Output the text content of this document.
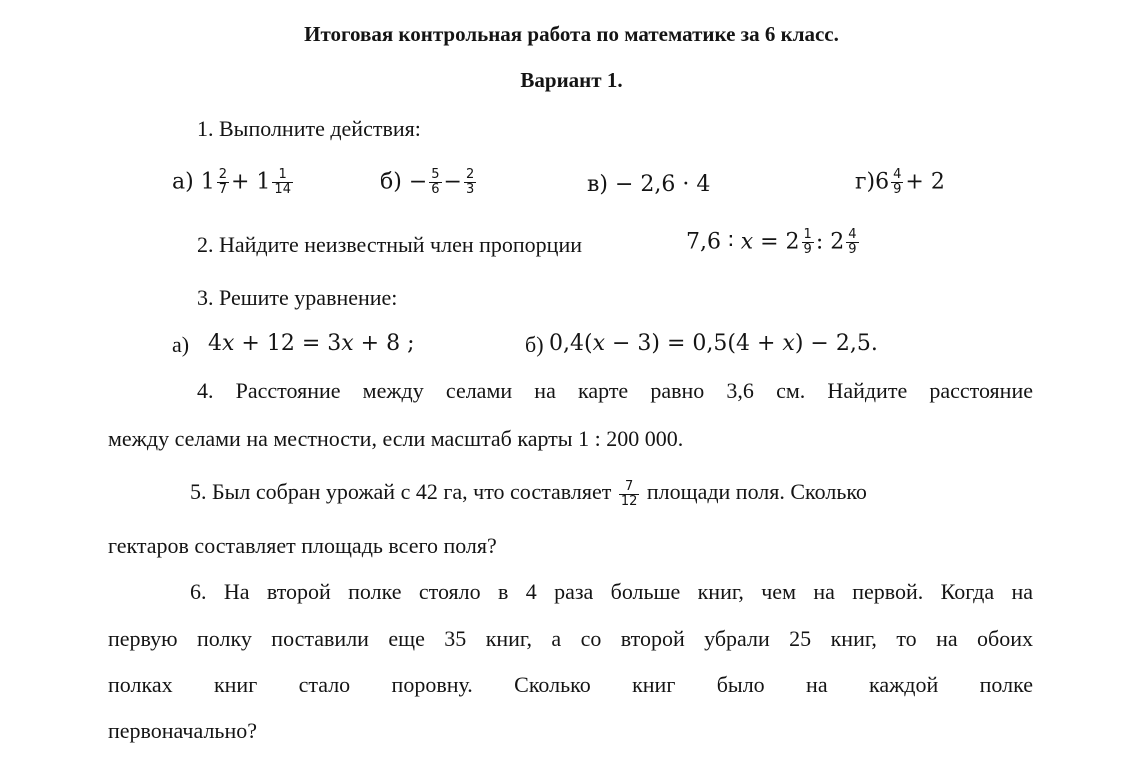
Итоговая контрольная работа по математике за 6 класс.
Вариант 1.
1. Выполните действия:
а) $1 \frac{2}{7} + 1 \frac{1}{14}$	$б) - \frac{5}{6} - \frac{2}{3}$	в) − 2,6 · 4	$г)6 \frac{4}{9} + 2$
2. Найдите неизвестный член пропорции	7,6 ∶ $x = 2 \frac{1}{9}$ : $2 \frac{4}{9}$
3. Решите уравнение:
а) 4x + 12 = 3x + 8 ;	б) 0,4(x − 3) = 0,5(4 + x) − 2,5.
4. Расстояние между селами на карте равно 3,6 см. Найдите расстояние
между селами на местности, если масштаб карты 1 : 200 000.
5. Был собран урожай с 42 га, что составляет $\frac{7}{12}$ площади поля. Сколько
гектаров составляет площадь всего поля?
6. На второй полке стояло в 4 раза больше книг, чем на первой. Когда на
первую полку поставили еще 35 книг, а со второй убрали 25 книг, то на обоих
полках книг стало поровну. Сколько книг было на каждой полке
первоначально?
